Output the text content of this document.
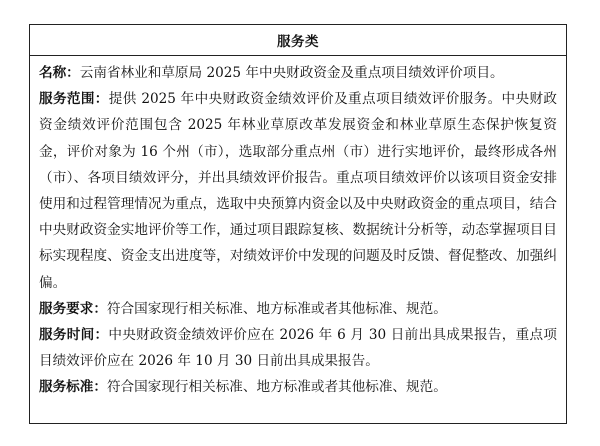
服务类

名称：云南省林业和草原局 2025 年中央财政资金及重点项目绩效评价项目。

服务范围：提供 2025 年中央财政资金绩效评价及重点项目绩效评价服务。中央财政资金绩效评价范围包含 2025 年林业草原改革发展资金和林业草原生态保护恢复资金，评价对象为 16 个州（市），选取部分重点州（市）进行实地评价，最终形成各州（市）、各项目绩效评分，并出具绩效评价报告。重点项目绩效评价以该项目资金安排使用和过程管理情况为重点，选取中央预算内资金以及中央财政资金的重点项目，结合中央财政资金实地评价等工作，通过项目跟踪复核、数据统计分析等，动态掌握项目目标实现程度、资金支出进度等，对绩效评价中发现的问题及时反馈、督促整改、加强纠偏。

服务要求：符合国家现行相关标准、地方标准或者其他标准、规范。

服务时间：中央财政资金绩效评价应在 2026 年 6 月 30 日前出具成果报告，重点项目绩效评价应在 2026 年 10 月 30 日前出具成果报告。

服务标准：符合国家现行相关标准、地方标准或者其他标准、规范。
